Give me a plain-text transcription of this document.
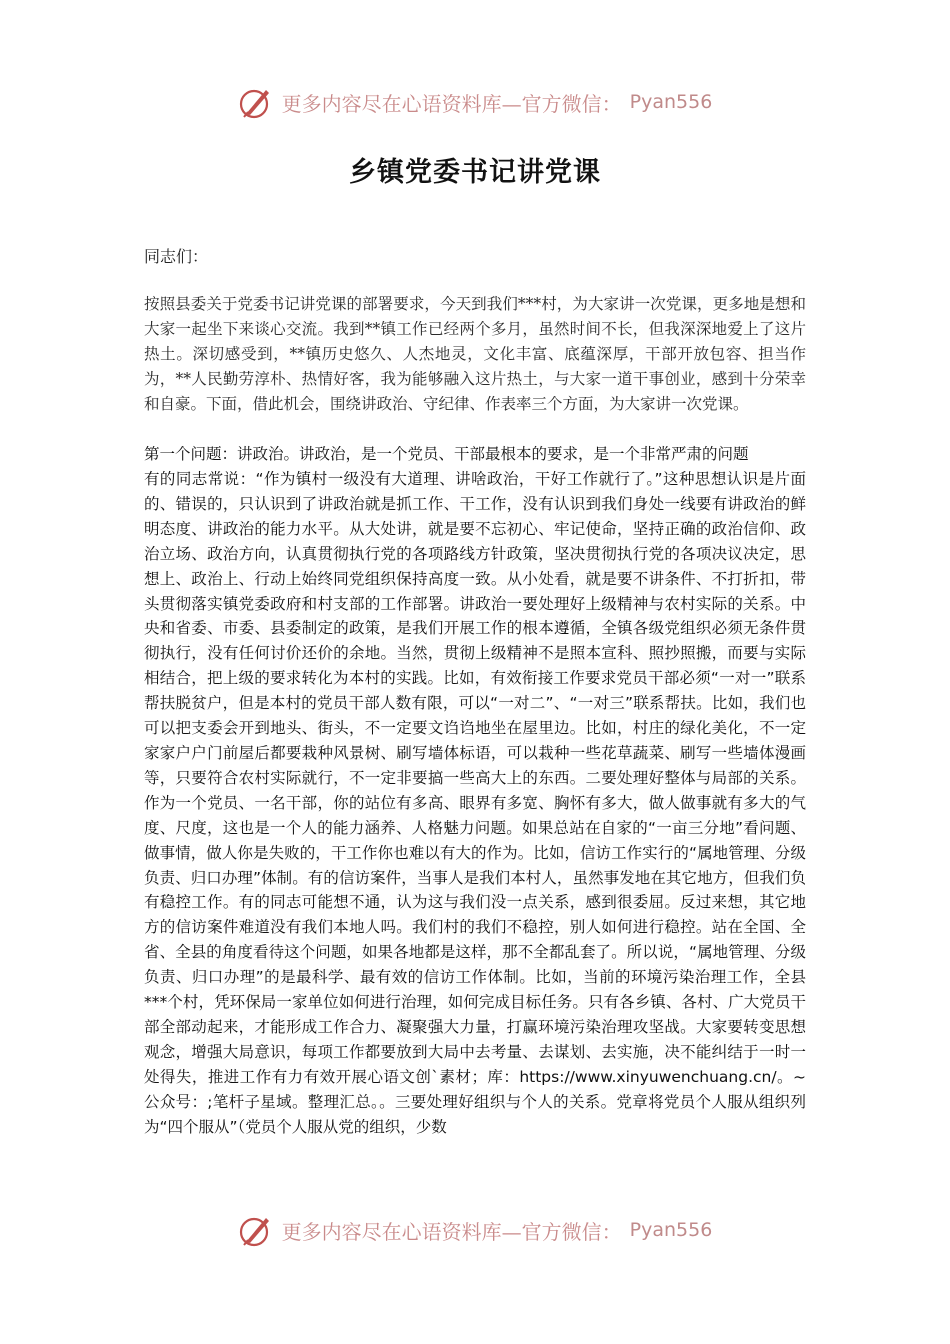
更多内容尽在心语资料库—官方微信： Pyan556
乡镇党委书记讲党课

同志们：

按照县委关于党委书记讲党课的部署要求，今天到我们***村，为大家讲一次党课，更多地是想和大家一起坐下来谈心交流。我到**镇工作已经两个多月，虽然时间不长，但我深深地爱上了这片热土。深切感受到，**镇历史悠久、人杰地灵，文化丰富、底蕴深厚，干部开放包容、担当作为，**人民勤劳淳朴、热情好客，我为能够融入这片热土，与大家一道干事创业，感到十分荣幸和自豪。下面，借此机会，围绕讲政治、守纪律、作表率三个方面，为大家讲一次党课。

第一个问题：讲政治。讲政治，是一个党员、干部最根本的要求，是一个非常严肃的问题

有的同志常说：“作为镇村一级没有大道理、讲啥政治，干好工作就行了。”这种思想认识是片面的、错误的，只认识到了讲政治就是抓工作、干工作，没有认识到我们身处一线要有讲政治的鲜明态度、讲政治的能力水平。从大处讲，就是要不忘初心、牢记使命，坚持正确的政治信仰、政治立场、政治方向，认真贯彻执行党的各项路线方针政策，坚决贯彻执行党的各项决议决定，思想上、政治上、行动上始终同党组织保持高度一致。从小处看，就是要不讲条件、不打折扣，带头贯彻落实镇党委政府和村支部的工作部署。讲政治一要处理好上级精神与农村实际的关系。中央和省委、市委、县委制定的政策，是我们开展工作的根本遵循，全镇各级党组织必须无条件贯彻执行，没有任何讨价还价的余地。当然，贯彻上级精神不是照本宣科、照抄照搬，而要与实际相结合，把上级的要求转化为本村的实践。比如，有效衔接工作要求党员干部必须“一对一”联系帮扶脱贫户，但是本村的党员干部人数有限，可以“一对二”、“一对三”联系帮扶。比如，我们也可以把支委会开到地头、街头，不一定要文诌诌地坐在屋里边。比如，村庄的绿化美化，不一定家家户户门前屋后都要栽种风景树、刷写墙体标语，可以栽种一些花草蔬菜、刷写一些墙体漫画等，只要符合农村实际就行，不一定非要搞一些高大上的东西。二要处理好整体与局部的关系。作为一个党员、一名干部，你的站位有多高、眼界有多宽、胸怀有多大，做人做事就有多大的气度、尺度，这也是一个人的能力涵养、人格魅力问题。如果总站在自家的“一亩三分地”看问题、做事情，做人你是失败的，干工作你也难以有大的作为。比如，信访工作实行的“属地管理、分级负责、归口办理”体制。有的信访案件，当事人是我们本村人，虽然事发地在其它地方，但我们负有稳控工作。有的同志可能想不通，认为这与我们没一点关系，感到很委屈。反过来想，其它地方的信访案件难道没有我们本地人吗。我们村的我们不稳控，别人如何进行稳控。站在全国、全省、全县的角度看待这个问题，如果各地都是这样，那不全都乱套了。所以说，“属地管理、分级负责、归口办理”的是最科学、最有效的信访工作体制。比如，当前的环境污染治理工作，全县***个村，凭环保局一家单位如何进行治理，如何完成目标任务。只有各乡镇、各村、广大党员干部全部动起来，才能形成工作合力、凝聚强大力量，打赢环境污染治理攻坚战。大家要转变思想观念，增强大局意识，每项工作都要放到大局中去考量、去谋划、去实施，决不能纠结于一时一处得失，推进工作有力有效开展心语文创`素材；库：https://www.xinyuwenchuang.cn/。~公众号：;笔杆子星域。整理汇总。。三要处理好组织与个人的关系。党章将党员个人服从组织列为“四个服从”（党员个人服从党的组织，少数

更多内容尽在心语资料库—官方微信： Pyan556
